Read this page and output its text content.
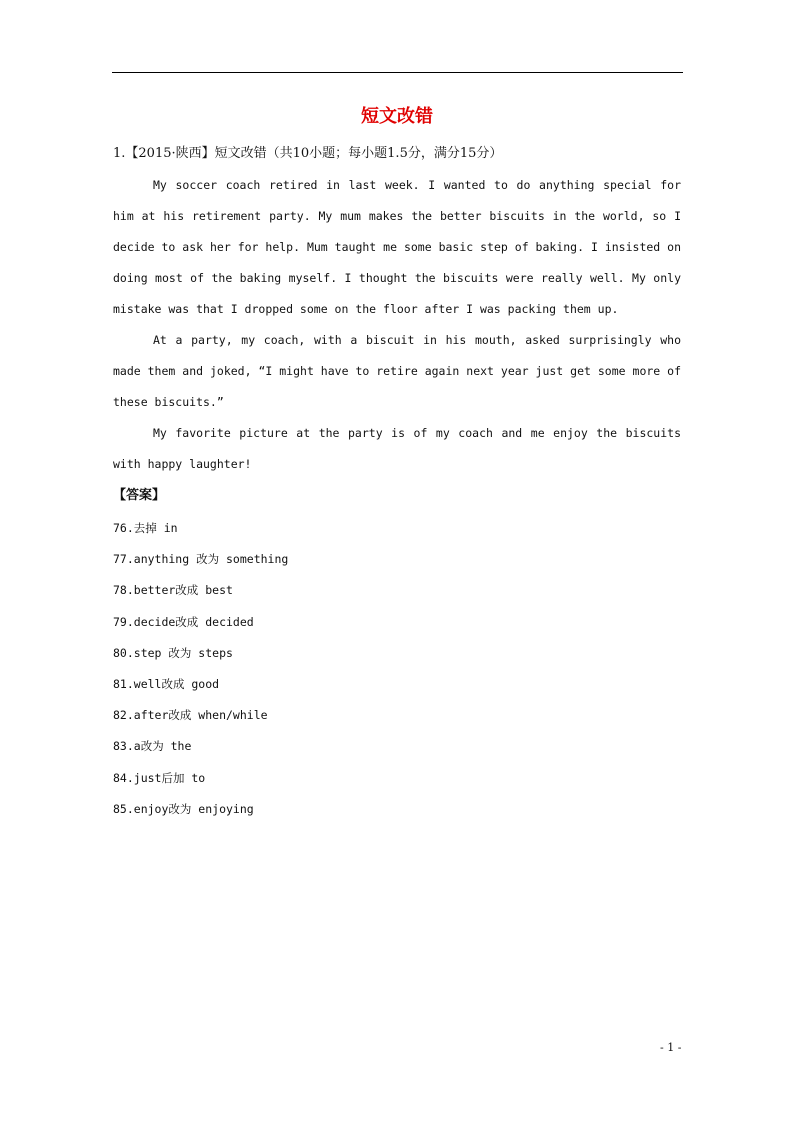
短文改错
1.【2015·陕西】短文改错（共10小题；每小题1.5分，满分15分）

My soccer coach retired in last week. I wanted to do anything special for him at his retirement party. My mum makes the better biscuits in the world, so I decide to ask her for help. Mum taught me some basic step of baking. I insisted on doing most of the baking myself. I thought the biscuits were really well. My only mistake was that I dropped some on the floor after I was packing them up.

At a party, my coach, with a biscuit in his mouth, asked surprisingly who made them and joked, “I might have to retire again next year just get some more of these biscuits.”

My favorite picture at the party is of my coach and me enjoy the biscuits with happy laughter!

【答案】
76.去掉 in
77.anything 改为 something
78.better改成 best
79.decide改成 decided
80.step 改为 steps
81.well改成 good
82.after改成 when/while
83.a改为 the
84.just后加 to
85.enjoy改为 enjoying
- 1 -
